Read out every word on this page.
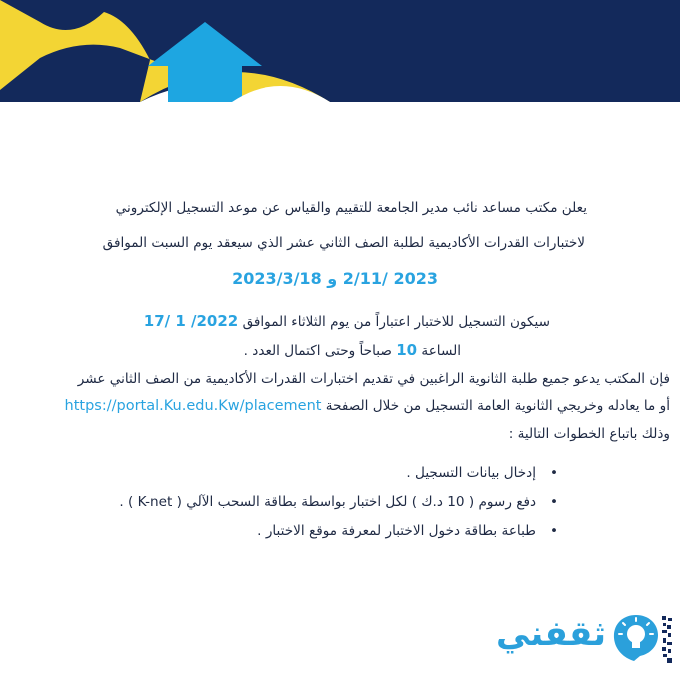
يعلن مكتب مساعد نائب مدير الجامعة للتقييم والقياس عن موعد التسجيل الإلكتروني
لاختبارات القدرات الأكاديمية لطلبة الصف الثاني عشر الذي سيعقد يوم السبت الموافق
2023 /2/11 و 2023/3/18
سيكون التسجيل للاختبار اعتباراً من يوم الثلاثاء الموافق 17/ 1 /2022
الساعة 10 صباحاً وحتى اكتمال العدد .
فإن المكتب يدعو جميع طلبة الثانوية الراغبين في تقديم اختبارات القدرات الأكاديمية من الصف الثاني عشر
أو ما يعادله وخريجي الثانوية العامة التسجيل من خلال الصفحة https://portal.Ku.edu.Kw/placement
وذلك باتباع الخطوات التالية :
•
إدخال بيانات التسجيل .
•
دفع رسوم ( 10 د.ك ) لكل اختبار بواسطة بطاقة السحب الآلي ( K-net ) .
•
طباعة بطاقة دخول الاختبار لمعرفة موقع الاختبار .
ثقفني
